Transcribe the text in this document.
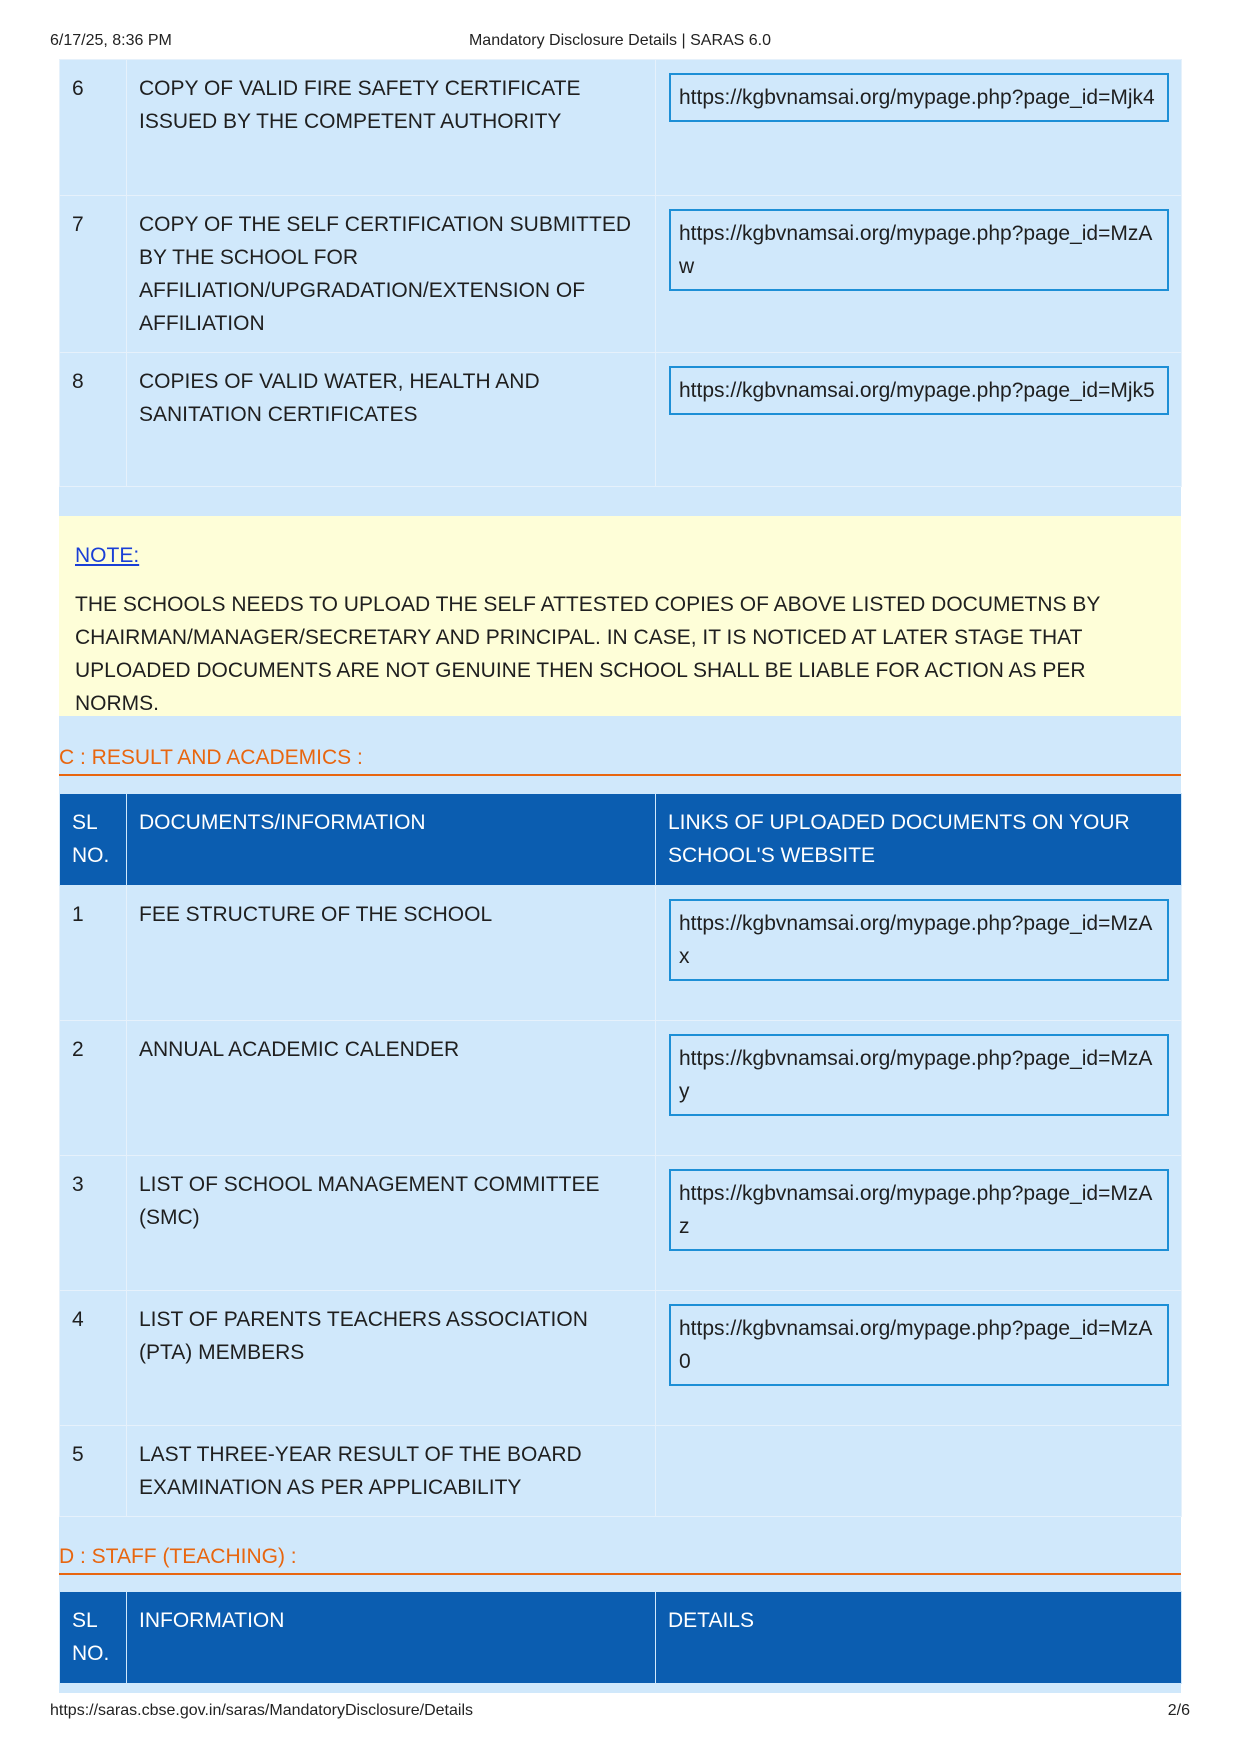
6/17/25, 8:36 PM	Mandatory Disclosure Details | SARAS 6.0
6	COPY OF VALID FIRE SAFETY CERTIFICATE ISSUED BY THE COMPETENT AUTHORITY	https://kgbvnamsai.org/mypage.php?page_id=Mjk4

7	COPY OF THE SELF CERTIFICATION SUBMITTED BY THE SCHOOL FOR AFFILIATION/UPGRADATION/EXTENSION OF AFFILIATION	https://kgbvnamsai.org/mypage.php?page_id=MzAw

8	COPIES OF VALID WATER, HEALTH AND SANITATION CERTIFICATES	https://kgbvnamsai.org/mypage.php?page_id=Mjk5
NOTE:
THE SCHOOLS NEEDS TO UPLOAD THE SELF ATTESTED COPIES OF ABOVE LISTED DOCUMETNS BY CHAIRMAN/MANAGER/SECRETARY AND PRINCIPAL. IN CASE, IT IS NOTICED AT LATER STAGE THAT UPLOADED DOCUMENTS ARE NOT GENUINE THEN SCHOOL SHALL BE LIABLE FOR ACTION AS PER NORMS.
C : RESULT AND ACADEMICS :
SL NO.	DOCUMENTS/INFORMATION	LINKS OF UPLOADED DOCUMENTS ON YOUR SCHOOL'S WEBSITE
1	FEE STRUCTURE OF THE SCHOOL	https://kgbvnamsai.org/mypage.php?page_id=MzAx

2	ANNUAL ACADEMIC CALENDER	https://kgbvnamsai.org/mypage.php?page_id=MzAy

3	LIST OF SCHOOL MANAGEMENT COMMITTEE (SMC)	https://kgbvnamsai.org/mypage.php?page_id=MzAz

4	LIST OF PARENTS TEACHERS ASSOCIATION (PTA) MEMBERS	https://kgbvnamsai.org/mypage.php?page_id=MzA0

5	LAST THREE-YEAR RESULT OF THE BOARD EXAMINATION AS PER APPLICABILITY	
D : STAFF (TEACHING) :
SL NO.	INFORMATION	DETAILS
https://saras.cbse.gov.in/saras/MandatoryDisclosure/Details	2/6
